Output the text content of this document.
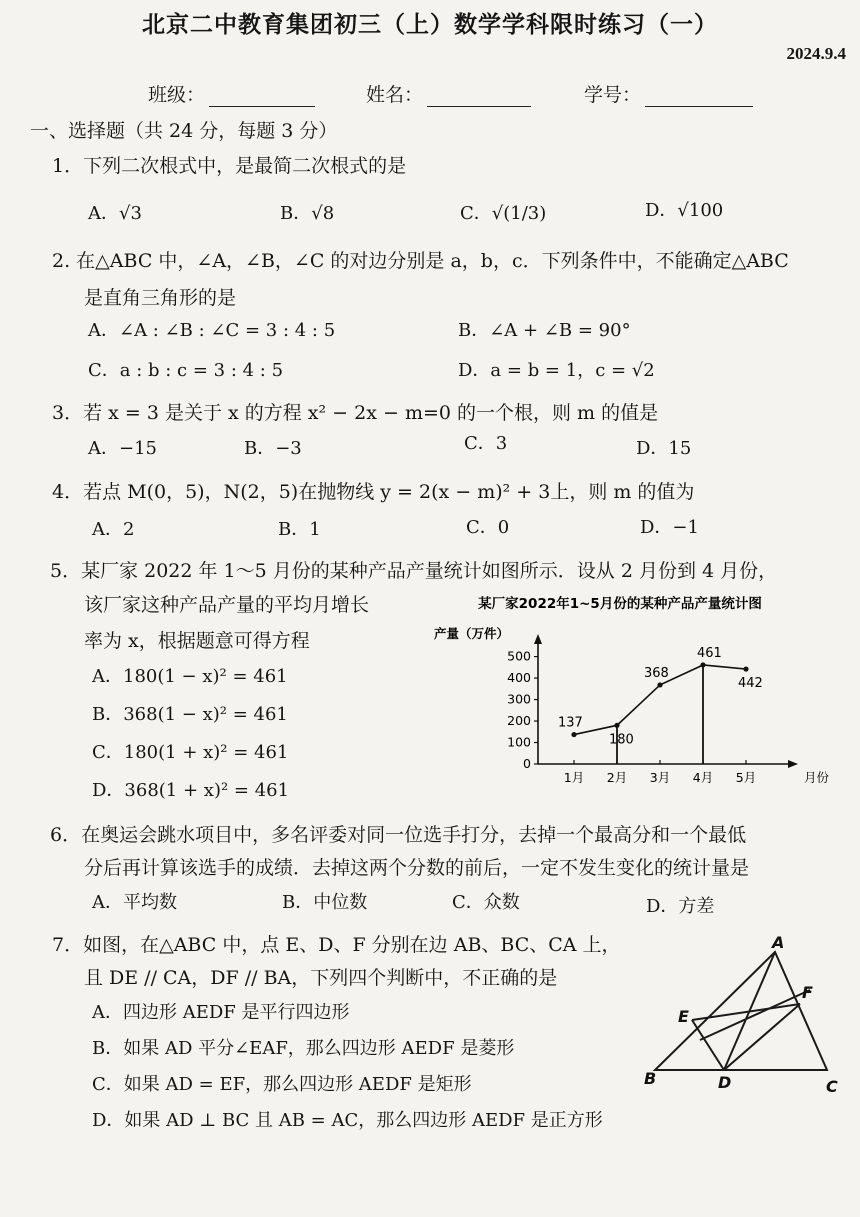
北京二中教育集团初三（上）数学学科限时练习（一）
2024.9.4
班级：	姓名：	学号：
一、选择题（共 24 分，每题 3 分）
1．下列二次根式中，是最简二次根式的是
A．√3	B．√8	C．√(1/3)	D．√100
2. 在△ABC 中，∠A，∠B，∠C 的对边分别是 a，b，c．下列条件中，不能确定△ABC
是直角三角形的是
A．∠A : ∠B : ∠C = 3 : 4 : 5	B．∠A + ∠B = 90°
C．a : b : c = 3 : 4 : 5	D．a = b = 1，c = √2
3．若 x = 3 是关于 x 的方程 x² − 2x − m=0 的一个根，则 m 的值是
A．−15	B．−3	C．3	D．15
4．若点 M(0，5)，N(2，5)在抛物线 y = 2(x − m)² + 3上，则 m 的值为
A．2	B．1	C．0	D．−1
5．某厂家 2022 年 1～5 月份的某种产品产量统计如图所示．设从 2 月份到 4 月份，
该厂家这种产品产量的平均月增长
率为 x，根据题意可得方程
A．180(1 − x)² = 461
B．368(1 − x)² = 461
C．180(1 + x)² = 461
D．368(1 + x)² = 461
某厂家2022年1~5月份的某种产品产量统计图
产量（万件）
0
100
200
300
400
500
1月 2月 3月 4月 5月	月份
137
180
368
461
442
6．在奥运会跳水项目中，多名评委对同一位选手打分，去掉一个最高分和一个最低
分后再计算该选手的成绩．去掉这两个分数的前后，一定不发生变化的统计量是
A．平均数	B．中位数	C．众数	D．方差
7．如图，在△ABC 中，点 E、D、F 分别在边 AB、BC、CA 上，
且 DE // CA，DF // BA，下列四个判断中，不正确的是
A．四边形 AEDF 是平行四边形
B．如果 AD 平分∠EAF，那么四边形 AEDF 是菱形
C．如果 AD = EF，那么四边形 AEDF 是矩形
D．如果 AD ⊥ BC 且 AB = AC，那么四边形 AEDF 是正方形
A
B	C
D
E
F
